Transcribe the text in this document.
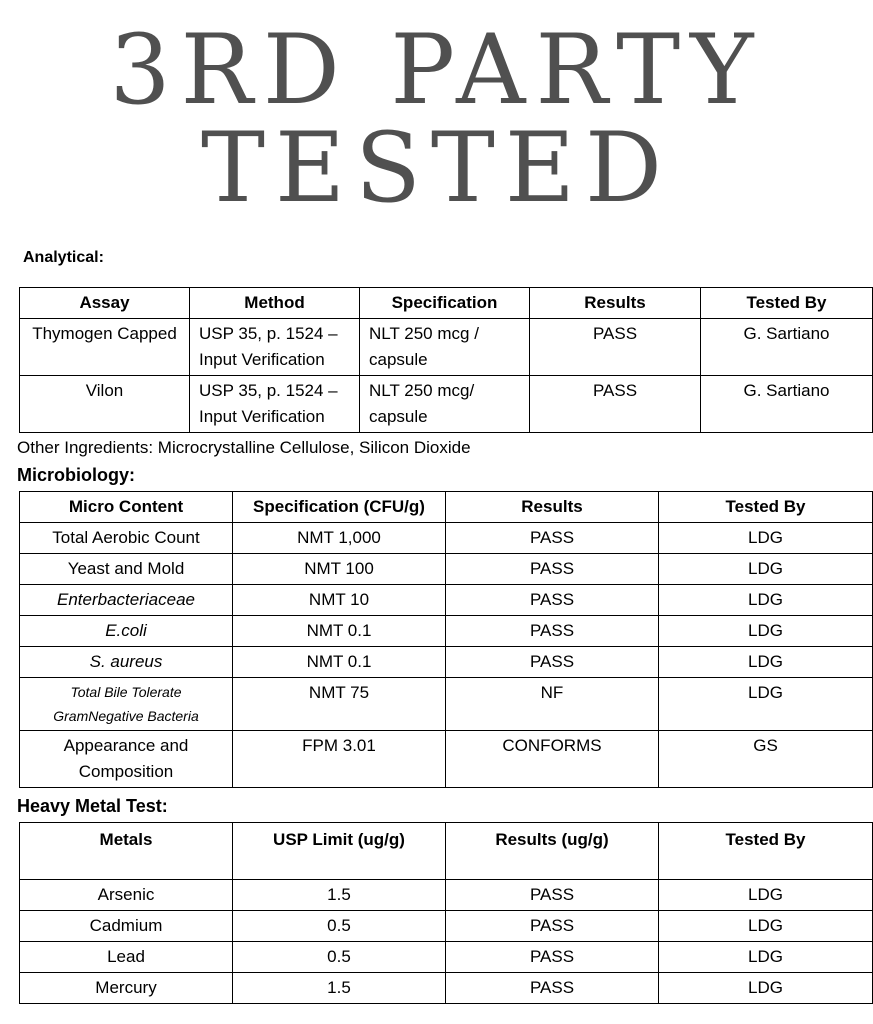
3RD PARTY
TESTED

Analytical:

Assay	Method	Specification	Results	Tested By
Thymogen Capped	USP 35, p. 1524 – Input Verification	NLT 250 mcg / capsule	PASS	G. Sartiano
Vilon	USP 35, p. 1524 – Input Verification	NLT 250 mcg/ capsule	PASS	G. Sartiano

Other Ingredients: Microcrystalline Cellulose, Silicon Dioxide

Microbiology:

Micro Content	Specification (CFU/g)	Results	Tested By
Total Aerobic Count	NMT 1,000	PASS	LDG
Yeast and Mold	NMT 100	PASS	LDG
Enterbacteriaceae	NMT 10	PASS	LDG
E.coli	NMT 0.1	PASS	LDG
S. aureus	NMT 0.1	PASS	LDG
Total Bile Tolerate
GramNegative Bacteria	NMT 75	NF	LDG
Appearance and Composition	FPM 3.01	CONFORMS	GS

Heavy Metal Test:

Metals	USP Limit (ug/g)	Results (ug/g)	Tested By
Arsenic	1.5	PASS	LDG
Cadmium	0.5	PASS	LDG
Lead	0.5	PASS	LDG
Mercury	1.5	PASS	LDG
